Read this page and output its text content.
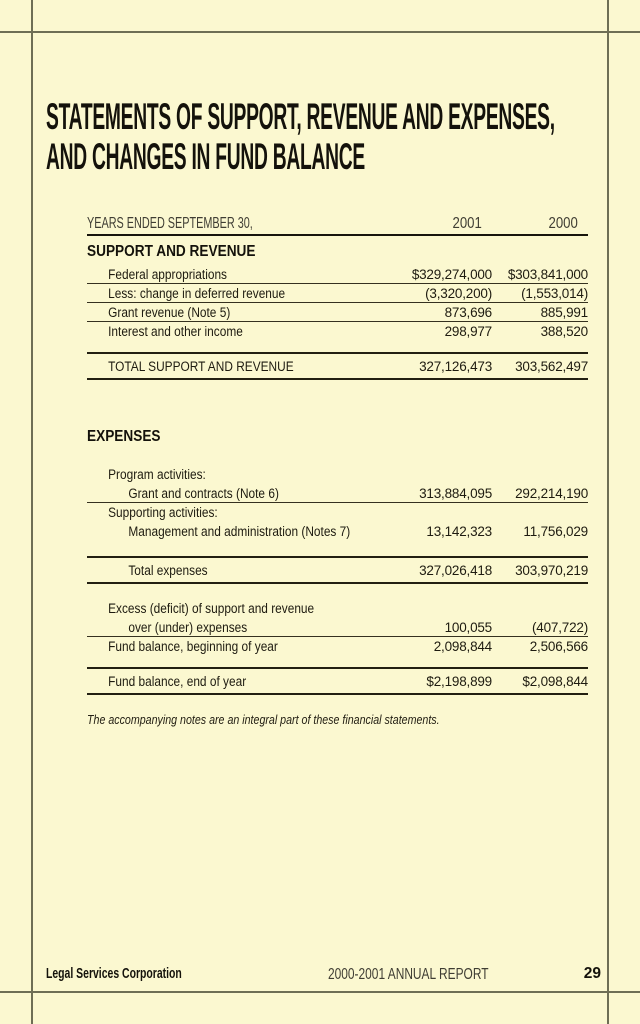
STATEMENTS OF SUPPORT, REVENUE AND EXPENSES,
AND CHANGES IN FUND BALANCE
YEARS ENDED SEPTEMBER 30,	2001	2000
SUPPORT AND REVENUE
Federal appropriations	$329,274,000	$303,841,000
Less: change in deferred revenue	(3,320,200)	(1,553,014)
Grant revenue (Note 5)	873,696	885,991
Interest and other income	298,977	388,520
TOTAL SUPPORT AND REVENUE	327,126,473	303,562,497
EXPENSES
Program activities:
Grant and contracts (Note 6)	313,884,095	292,214,190
Supporting activities:
Management and administration (Notes 7)	13,142,323	11,756,029
Total expenses	327,026,418	303,970,219
Excess (deficit) of support and revenue
over (under) expenses	100,055	(407,722)
Fund balance, beginning of year	2,098,844	2,506,566
Fund balance, end of year	$2,198,899	$2,098,844
The accompanying notes are an integral part of these financial statements.
Legal Services Corporation	2000-2001 ANNUAL REPORT	29
